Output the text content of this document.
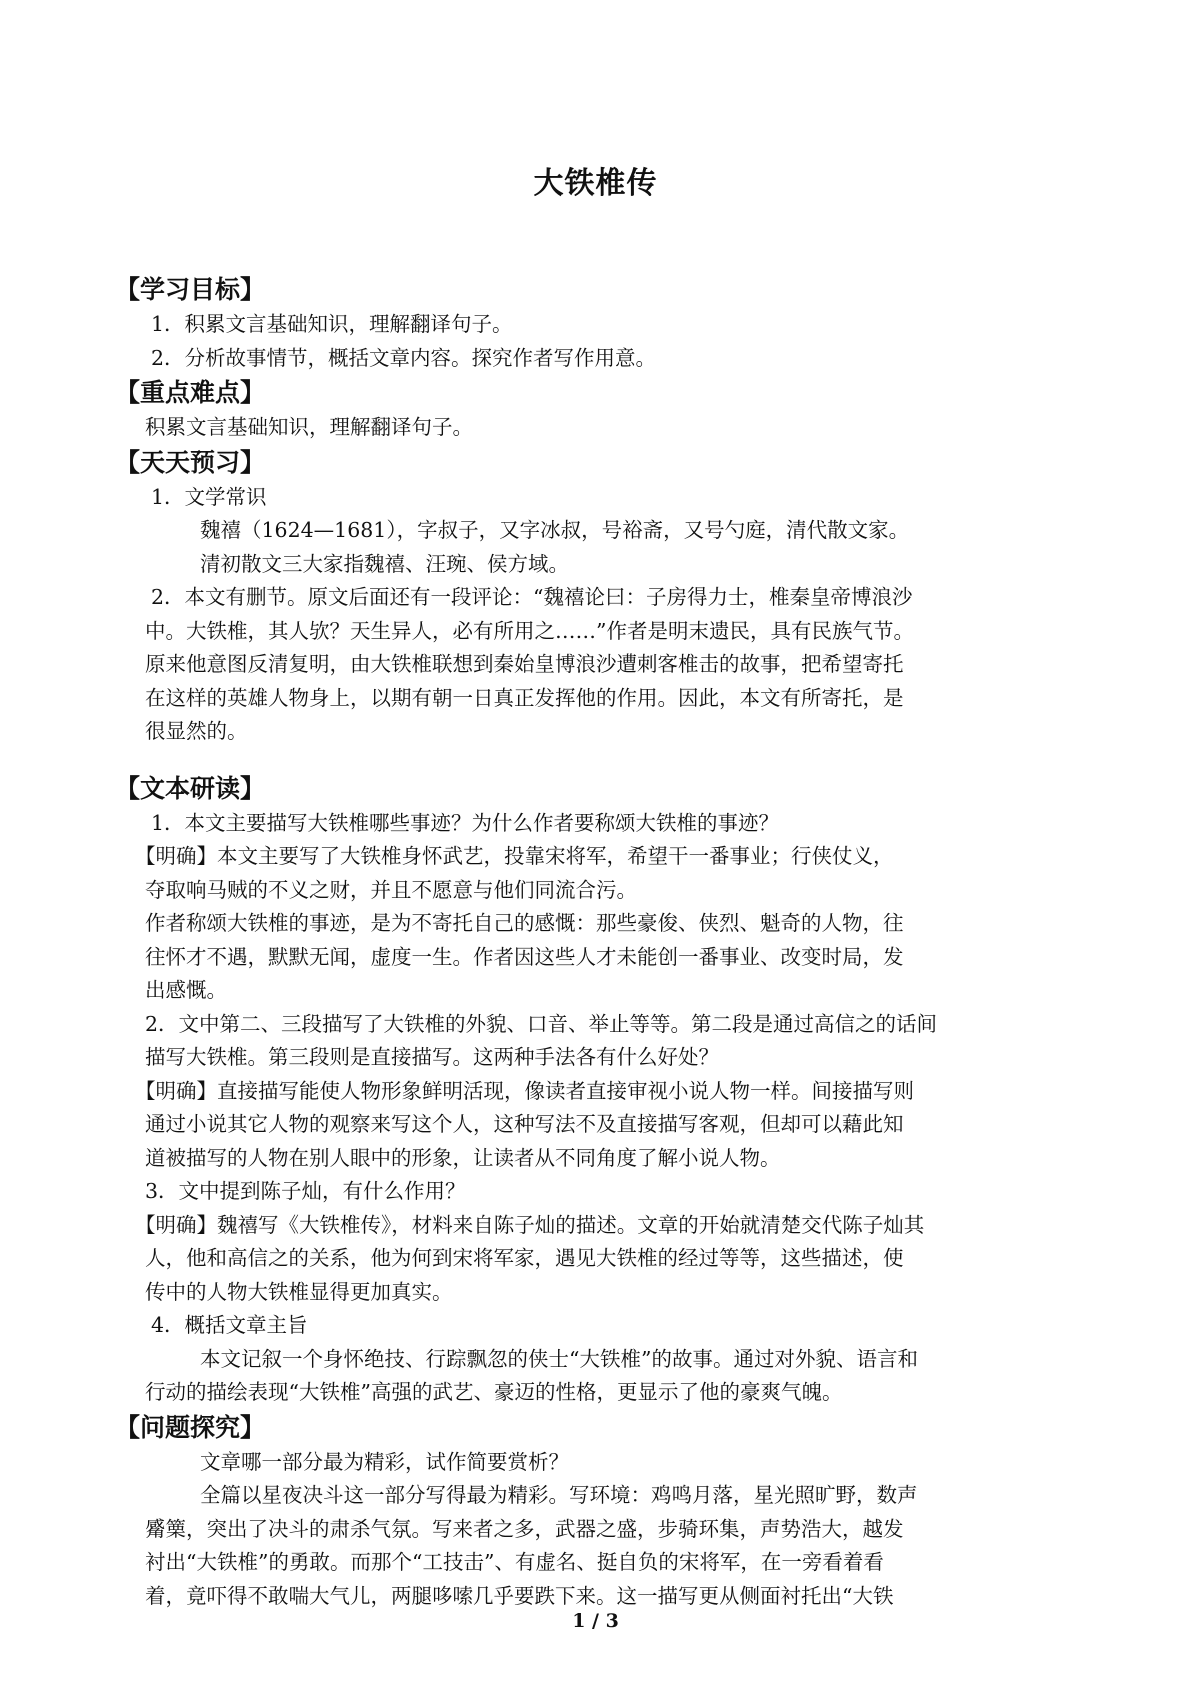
大铁椎传
【学习目标】
1．积累文言基础知识，理解翻译句子。
2．分析故事情节，概括文章内容。探究作者写作用意。
【重点难点】
积累文言基础知识，理解翻译句子。
【天天预习】
1．文学常识
魏禧（1624—1681），字叔子，又字冰叔，号裕斋，又号勺庭，清代散文家。
清初散文三大家指魏禧、汪琬、侯方域。
2．本文有删节。原文后面还有一段评论：“魏禧论曰：子房得力士，椎秦皇帝博浪沙
中。大铁椎，其人欤？天生异人，必有所用之……”作者是明末遗民，具有民族气节。
原来他意图反清复明，由大铁椎联想到秦始皇博浪沙遭刺客椎击的故事，把希望寄托
在这样的英雄人物身上，以期有朝一日真正发挥他的作用。因此，本文有所寄托，是
很显然的。
【文本研读】
1．本文主要描写大铁椎哪些事迹？为什么作者要称颂大铁椎的事迹？
【明确】本文主要写了大铁椎身怀武艺，投靠宋将军，希望干一番事业；行侠仗义，
夺取响马贼的不义之财，并且不愿意与他们同流合污。
作者称颂大铁椎的事迹，是为不寄托自己的感慨：那些豪俊、侠烈、魁奇的人物，往
往怀才不遇，默默无闻，虚度一生。作者因这些人才未能创一番事业、改变时局，发
出感慨。
2．文中第二、三段描写了大铁椎的外貌、口音、举止等等。第二段是通过高信之的话间
描写大铁椎。第三段则是直接描写。这两种手法各有什么好处？
【明确】直接描写能使人物形象鲜明活现，像读者直接审视小说人物一样。间接描写则
通过小说其它人物的观察来写这个人，这种写法不及直接描写客观，但却可以藉此知
道被描写的人物在别人眼中的形象，让读者从不同角度了解小说人物。
3．文中提到陈子灿，有什么作用？
【明确】魏禧写《大铁椎传》，材料来自陈子灿的描述。文章的开始就清楚交代陈子灿其
人，他和高信之的关系，他为何到宋将军家，遇见大铁椎的经过等等，这些描述，使
传中的人物大铁椎显得更加真实。
4．概括文章主旨
本文记叙一个身怀绝技、行踪飘忽的侠士“大铁椎”的故事。通过对外貌、语言和
行动的描绘表现“大铁椎”高强的武艺、豪迈的性格，更显示了他的豪爽气魄。
【问题探究】
文章哪一部分最为精彩，试作简要赏析？
全篇以星夜决斗这一部分写得最为精彩。写环境：鸡鸣月落，星光照旷野，数声
觱篥，突出了决斗的肃杀气氛。写来者之多，武器之盛，步骑环集，声势浩大，越发
衬出“大铁椎”的勇敢。而那个“工技击”、有虚名、挺自负的宋将军，在一旁看着看
着，竟吓得不敢喘大气儿，两腿哆嗦几乎要跌下来。这一描写更从侧面衬托出“大铁
1 / 3
